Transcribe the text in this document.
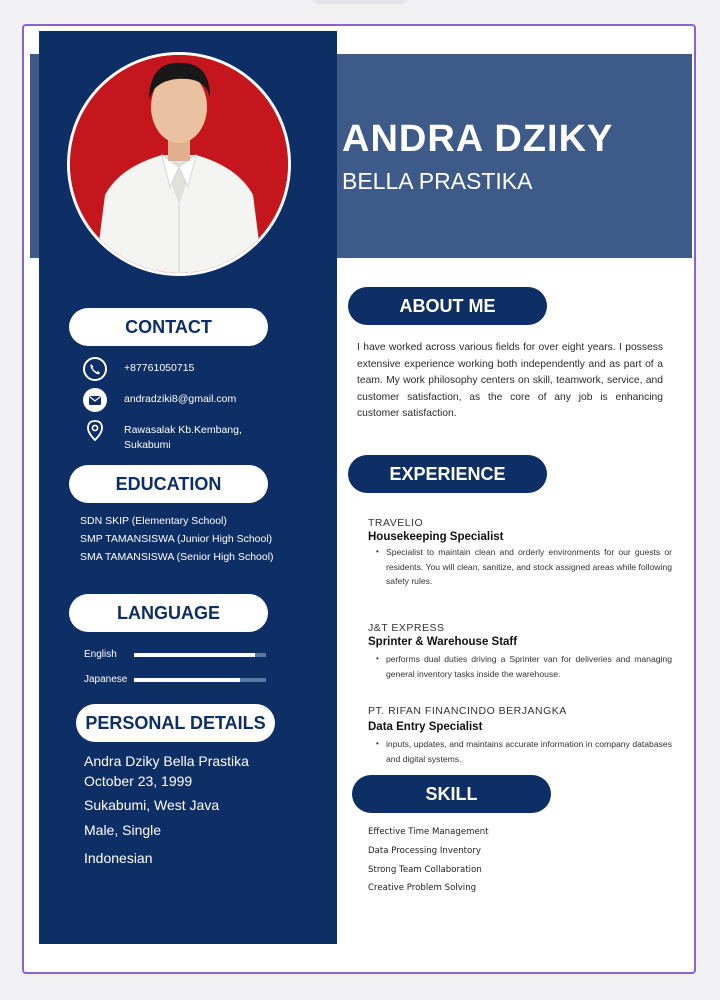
ANDRA DZIKY
BELLA PRASTIKA
CONTACT
+87761050715
andradziki8@gmail.com
Rawasalak Kb.Kembang,
Sukabumi
EDUCATION
SDN SKIP (Elementary School)
SMP TAMANSISWA (Junior High School)
SMA TAMANSISWA (Senior High School)
LANGUAGE
English
Japanese
PERSONAL DETAILS
Andra Dziky Bella Prastika
October 23, 1999
Sukabumi, West Java
Male, Single
Indonesian
ABOUT ME
I have worked across various fields for over eight years. I possess extensive experience working both independently and as part of a team. My work philosophy centers on skill, teamwork, service, and customer satisfaction, as the core of any job is enhancing customer satisfaction.
EXPERIENCE
TRAVELIO
Housekeeping Specialist
• Specialist to maintain clean and orderly environments for our guests or residents. You will clean, sanitize, and stock assigned areas while following safety rules.
J&T EXPRESS
Sprinter & Warehouse Staff
• performs dual duties driving a Sprinter van for deliveries and managing general inventory tasks inside the warehouse.
PT. RIFAN FINANCINDO BERJANGKA
Data Entry Specialist
• inputs, updates, and maintains accurate information in company databases and digital systems.
SKILL
Effective Time Management
Data Processing Inventory
Strong Team Collaboration
Creative Problem Solving
